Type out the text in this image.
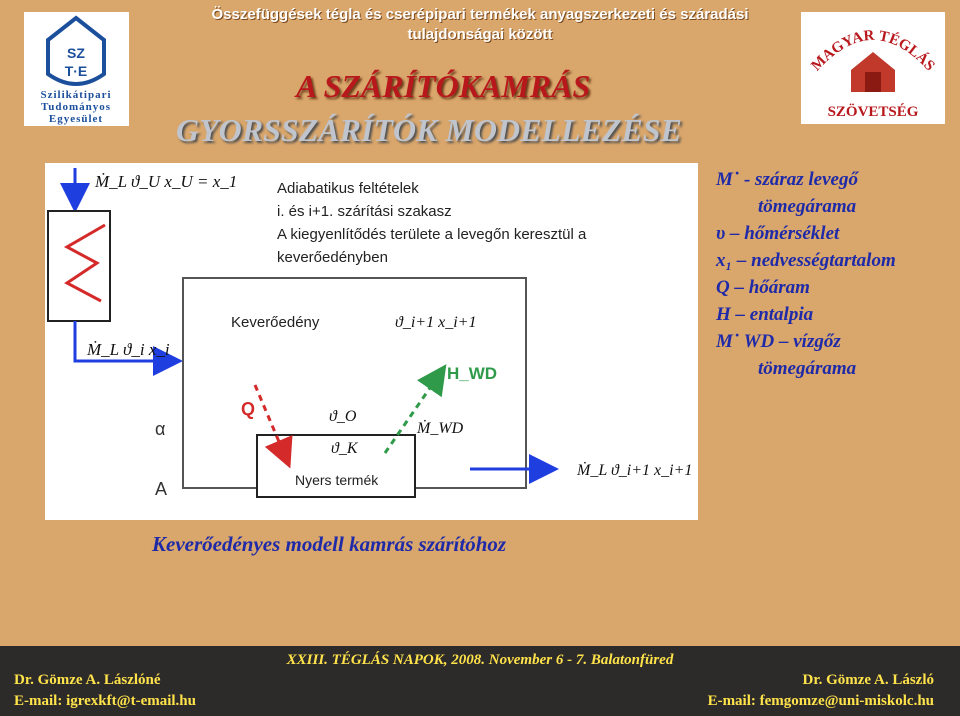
Összefüggések tégla és cserépipari termékek anyagszerkezeti és száradási
tulajdonságai között
SZ
T·E
Szilikátipari
Tudományos
Egyesület
MAGYAR TÉGLÁS
SZÖVETSÉG
A SZÁRÍTÓKAMRÁS
GYORSSZÁRÍTÓK MODELLEZÉSE
Ṁ_L ϑ_U x_U = x_1
Ṁ_L ϑ_i x_i
Adiabatikus feltételek
i. és i+1. szárítási szakasz
A kiegyenlítődés területe a levegőn keresztül a
keverőedényben
Keverőedény	ϑ_i+1 x_i+1
Q
H_WD
Ṁ_WD
ϑ_O
ϑ_K
α
A	Nyers termék
Ṁ_L ϑ_i+1 x_i+1
M˙ - száraz levegő
tömegárama
υ – hőmérséklet
x₁ – nedvességtartalom
Q – hőáram
H – entalpia
M˙ WD – vízgőz
tömegárama
Keverőedényes modell kamrás szárítóhoz
XXIII. TÉGLÁS NAPOK, 2008. November 6 - 7. Balatonfüred
Dr. Gömze A. Lászlóné
E-mail: igrexkft@t-email.hu
Dr. Gömze A. László
E-mail: femgomze@uni-miskolc.hu
